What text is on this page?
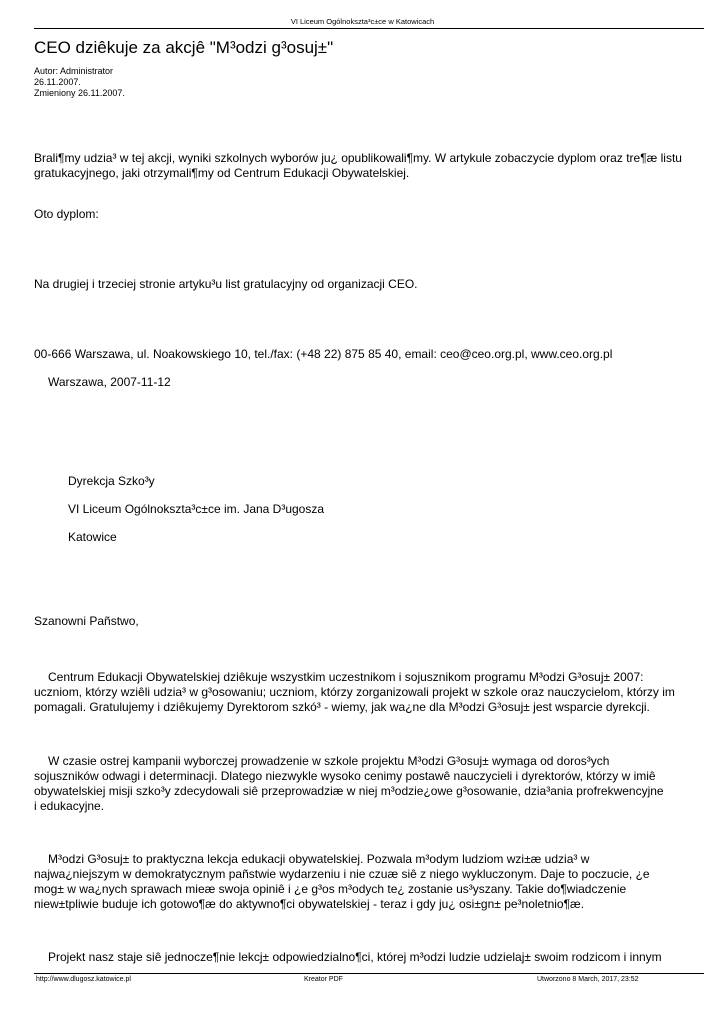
VI Liceum Ogólnokszta³c±ce w Katowicach
CEO dziêkuje za akcjê "M³odzi g³osuj±"
Autor: Administrator
26.11.2007.
Zmieniony 26.11.2007.
Brali¶my udzia³ w tej akcji, wyniki szkolnych wyborów ju¿ opublikowali¶my. W artykule zobaczycie dyplom oraz tre¶æ listu
gratukacyjnego, jaki otrzymali¶my od Centrum Edukacji Obywatelskiej.
Oto dyplom:
Na drugiej i trzeciej stronie artyku³u list gratulacyjny od organizacji CEO.
00-666 Warszawa, ul. Noakowskiego 10, tel./fax: (+48 22) 875 85 40, email: ceo@ceo.org.pl, www.ceo.org.pl
Warszawa, 2007-11-12
Dyrekcja Szko³y
VI Liceum Ogólnokszta³c±ce im. Jana D³ugosza
Katowice
Szanowni Pañstwo,
Centrum Edukacji Obywatelskiej dziêkuje wszystkim uczestnikom i sojusznikom programu M³odzi G³osuj± 2007:
uczniom, którzy wziêli udzia³ w g³osowaniu; uczniom, którzy zorganizowali projekt w szkole oraz nauczycielom, którzy im
pomagali. Gratulujemy i dziêkujemy Dyrektorom szkó³ - wiemy, jak wa¿ne dla M³odzi G³osuj± jest wsparcie dyrekcji.
W czasie ostrej kampanii wyborczej prowadzenie w szkole projektu M³odzi G³osuj± wymaga od doros³ych
sojuszników odwagi i determinacji. Dlatego niezwykle wysoko cenimy postawê nauczycieli i dyrektorów, którzy w imiê
obywatelskiej misji szko³y zdecydowali siê przeprowadziæ w niej m³odzie¿owe g³osowanie, dzia³ania profrekwencyjne
i edukacyjne.
M³odzi G³osuj± to praktyczna lekcja edukacji obywatelskiej. Pozwala m³odym ludziom wzi±æ udzia³ w
najwa¿niejszym w demokratycznym pañstwie wydarzeniu i nie czuæ siê z niego wykluczonym. Daje to poczucie, ¿e
mog± w wa¿nych sprawach mieæ swoja opiniê i ¿e g³os m³odych te¿ zostanie us³yszany. Takie do¶wiadczenie
niew±tpliwie buduje ich gotowo¶æ do aktywno¶ci obywatelskiej - teraz i gdy ju¿ osi±gn± pe³noletnio¶æ.
Projekt nasz staje siê jednocze¶nie lekcj± odpowiedzialno¶ci, której m³odzi ludzie udzielaj± swoim rodzicom i innym
http://www.dlugosz.katowice.pl	Kreator PDF	Utworzono 8 March, 2017, 23:52
